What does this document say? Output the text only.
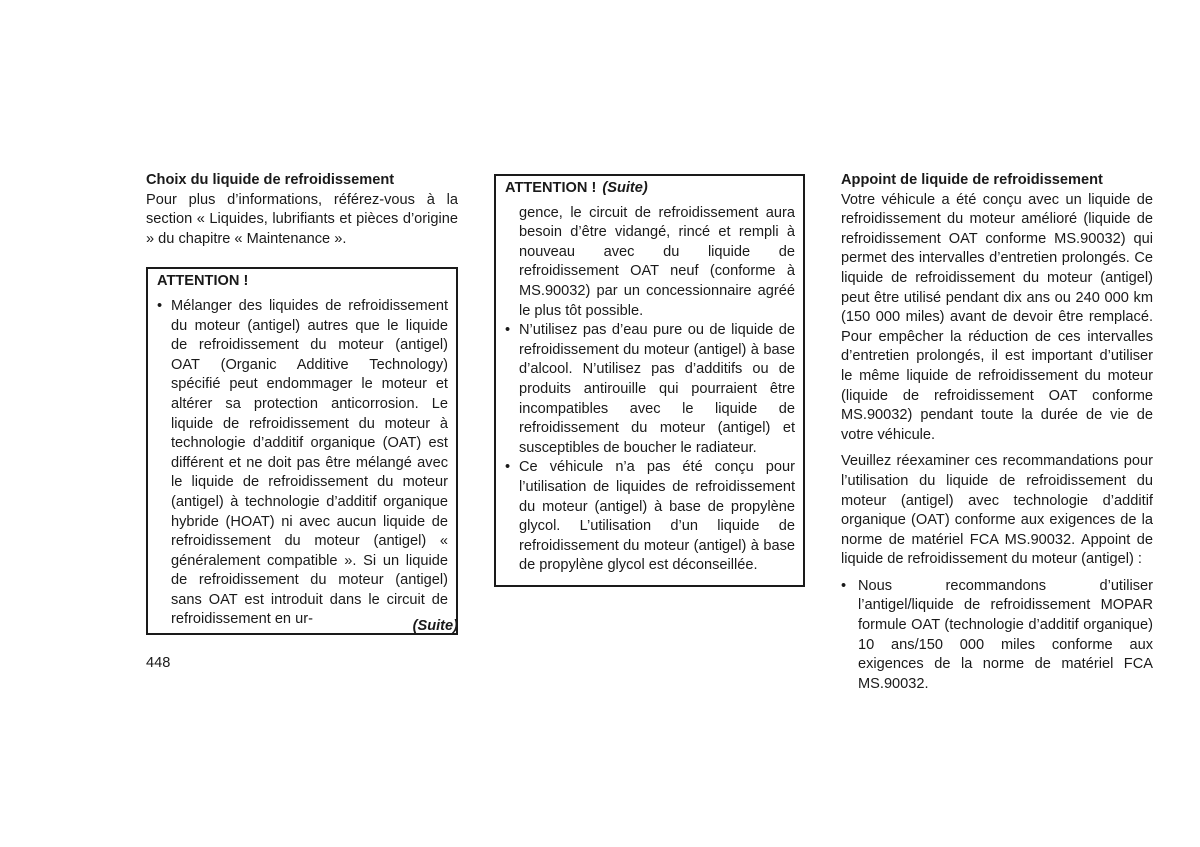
Choix du liquide de refroidissement

Pour plus d’informations, référez-vous à la section « Liquides, lubrifiants et pièces d’origine » du chapitre « Maintenance ».

ATTENTION !

• Mélanger des liquides de refroidissement du moteur (antigel) autres que le liquide de refroidissement du moteur (antigel) OAT (Organic Additive Technology) spécifié peut endommager le moteur et altérer sa protection anticorrosion. Le liquide de refroidissement du moteur à technologie d’additif organique (OAT) est différent et ne doit pas être mélangé avec le liquide de refroidissement du moteur (antigel) à technologie d’additif organique hybride (HOAT) ni avec aucun liquide de refroidissement du moteur (antigel) « généralement compatible ». Si un liquide de refroidissement du moteur (antigel) sans OAT est introduit dans le circuit de refroidissement en ur-	(Suite)
448

ATTENTION ! (Suite)

gence, le circuit de refroidissement aura besoin d’être vidangé, rincé et rempli à nouveau avec du liquide de refroidissement OAT neuf (conforme à MS.90032) par un concessionnaire agréé le plus tôt possible.

• N’utilisez pas d’eau pure ou de liquide de refroidissement du moteur (antigel) à base d’alcool. N’utilisez pas d’additifs ou de produits antirouille qui pourraient être incompatibles avec le liquide de refroidissement du moteur (antigel) et susceptibles de boucher le radiateur.
• Ce véhicule n’a pas été conçu pour l’utilisation de liquides de refroidissement du moteur (antigel) à base de propylène glycol. L’utilisation d’un liquide de refroidissement du moteur (antigel) à base de propylène glycol est déconseillée.

Appoint de liquide de refroidissement

Votre véhicule a été conçu avec un liquide de refroidissement du moteur amélioré (liquide de refroidissement OAT conforme MS.90032) qui permet des intervalles d’entretien prolongés. Ce liquide de refroidissement du moteur (antigel) peut être utilisé pendant dix ans ou 240 000 km (150 000 miles) avant de devoir être remplacé. Pour empêcher la réduction de ces intervalles d’entretien prolongés, il est important d’utiliser le même liquide de refroidissement du moteur (liquide de refroidissement OAT conforme MS.90032) pendant toute la durée de vie de votre véhicule.

Veuillez réexaminer ces recommandations pour l’utilisation du liquide de refroidissement du moteur (antigel) avec technologie d’additif organique (OAT) conforme aux exigences de la norme de matériel FCA MS.90032. Appoint de liquide de refroidissement du moteur (antigel) :

• Nous recommandons d’utiliser l’antigel/liquide de refroidissement MOPAR formule OAT (technologie d’additif organique) 10 ans/150 000 miles conforme aux exigences de la norme de matériel FCA MS.90032.
